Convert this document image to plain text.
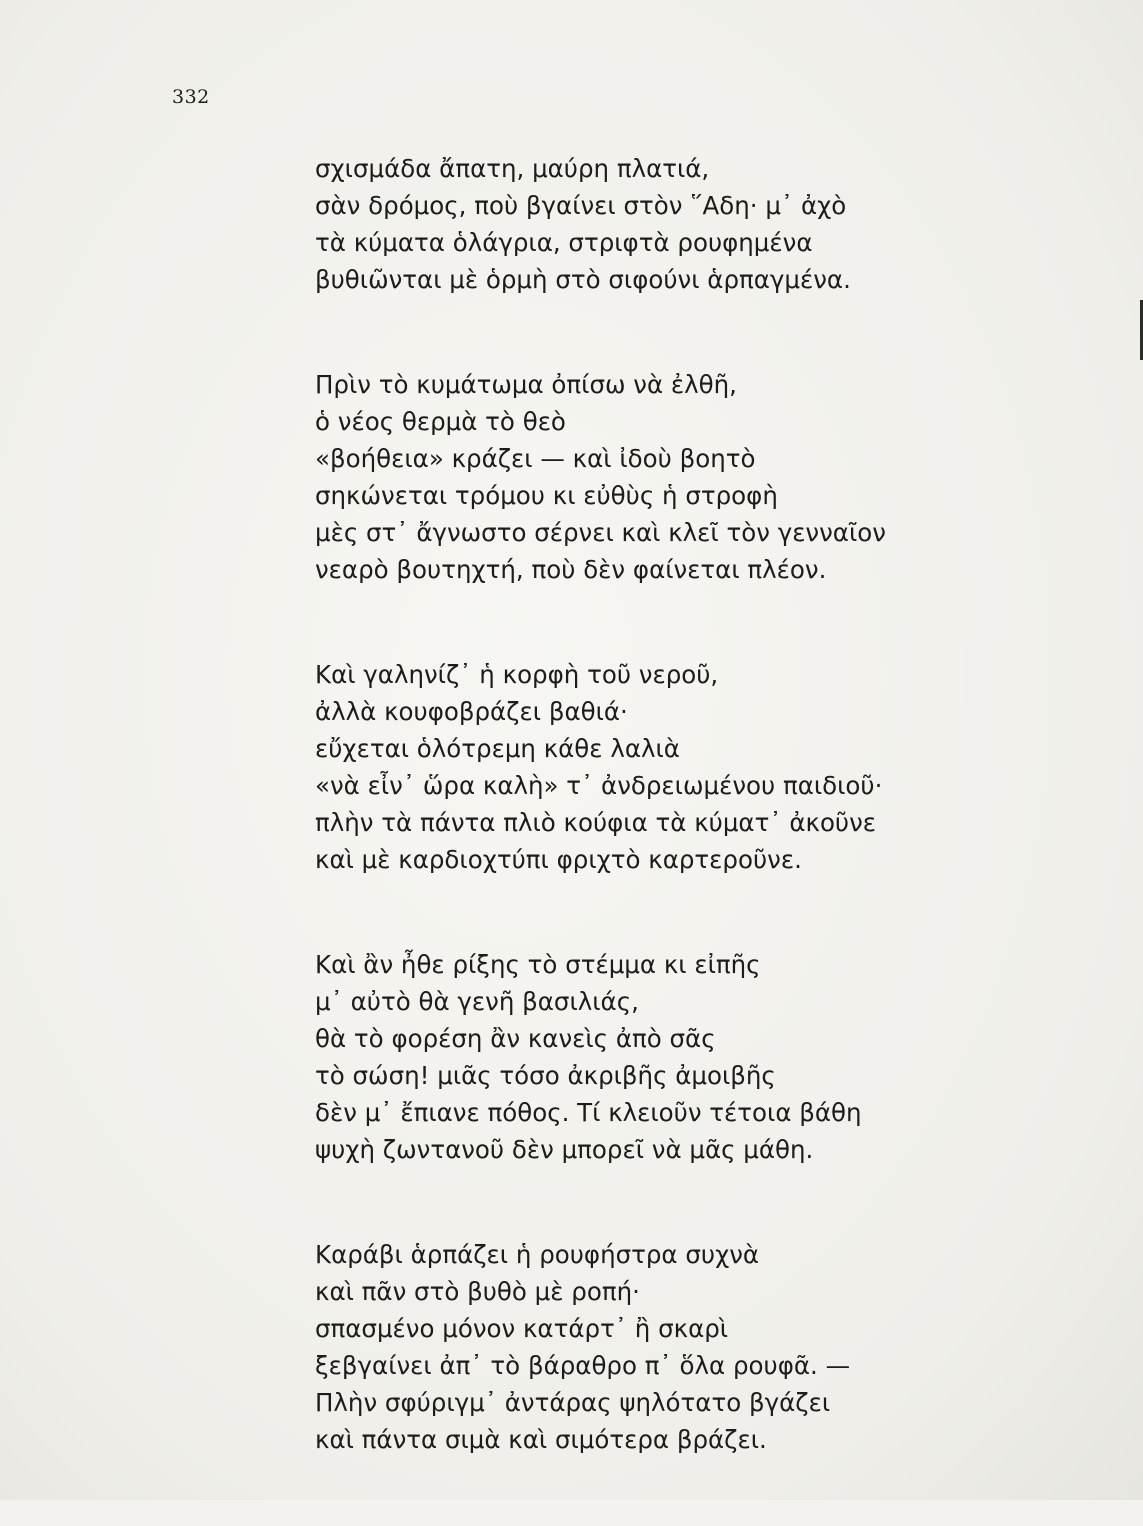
332
σχισμάδα ἄπατη, μαύρη πλατιά,
σὰν δρόμος, ποὺ βγαίνει στὸν ῞Αδη· μ᾿ ἀχὸ
τὰ κύματα ὁλάγρια, στριφτὰ ρουφημένα
βυθιῶνται μὲ ὁρμὴ στὸ σιφούνι ἁρπαγμένα.
Πρὶν τὸ κυμάτωμα ὀπίσω νὰ ἐλθῆ,
ὁ νέος θερμὰ τὸ θεὸ
«βοήθεια» κράζει — καὶ ἰδοὺ βοητὸ
σηκώνεται τρόμου κι εὐθὺς ἡ στροφὴ
μὲς στ᾿ ἄγνωστο σέρνει καὶ κλεῖ τὸν γενναῖον
νεαρὸ βουτηχτή, ποὺ δὲν φαίνεται πλέον.
Καὶ γαληνίζ᾿ ἡ κορφὴ τοῦ νεροῦ,
ἀλλὰ κουφοβράζει βαθιά·
εὔχεται ὁλότρεμη κάθε λαλιὰ
«νὰ εἶν᾿ ὥρα καλὴ» τ᾿ ἀνδρειωμένου παιδιοῦ·
πλὴν τὰ πάντα πλιὸ κούφια τὰ κύματ᾿ ἀκοῦνε
καὶ μὲ καρδιοχτύπι φριχτὸ καρτεροῦνε.
Καὶ ἂν ἦθε ρίξης τὸ στέμμα κι εἰπῆς
μ᾿ αὐτὸ θὰ γενῆ βασιλιάς,
θὰ τὸ φορέση ἂν κανεὶς ἀπὸ σᾶς
τὸ σώση! μιᾶς τόσο ἀκριβῆς ἀμοιβῆς
δὲν μ᾿ ἔπιανε πόθος. Τί κλειοῦν τέτοια βάθη
ψυχὴ ζωντανοῦ δὲν μπορεῖ νὰ μᾶς μάθη.
Καράβι ἁρπάζει ἡ ρουφήστρα συχνὰ
καὶ πᾶν στὸ βυθὸ μὲ ροπή·
σπασμένο μόνον κατάρτ᾿ ἢ σκαρὶ
ξεβγαίνει ἀπ᾿ τὸ βάραθρο π᾿ ὅλα ρουφᾶ. —
Πλὴν σφύριγμ᾿ ἀντάρας ψηλότατο βγάζει
καὶ πάντα σιμὰ καὶ σιμότερα βράζει.
